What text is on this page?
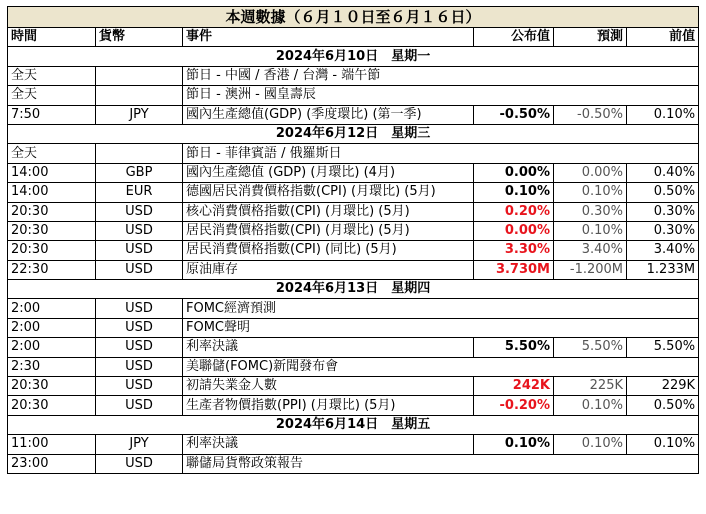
本週數據（６月１０日至６月１６日）					
時間	貨幣	事件	公布值	預測	前值
2024年6月10日　星期一					
全天		節日 - 中國 / 香港 / 台灣 - 端午節			
全天		節日 - 澳洲 - 國皇壽辰			
7:50	JPY	國內生產總值(GDP) (季度環比) (第一季)	-0.50%	-0.50%	0.10%
2024年6月12日　星期三					
全天		節日 - 菲律賓語 / 俄羅斯日			
14:00	GBP	國內生產總值 (GDP) (月環比) (4月)	0.00%	0.00%	0.40%
14:00	EUR	德國居民消費價格指數(CPI) (月環比) (5月)	0.10%	0.10%	0.50%
20:30	USD	核心消費價格指數(CPI) (月環比) (5月)	0.20%	0.30%	0.30%
20:30	USD	居民消費價格指數(CPI) (月環比) (5月)	0.00%	0.10%	0.30%
20:30	USD	居民消費價格指數(CPI) (同比) (5月)	3.30%	3.40%	3.40%
22:30	USD	原油庫存	3.730M	-1.200M	1.233M
2024年6月13日　星期四					
2:00	USD	FOMC經濟預測			
2:00	USD	FOMC聲明			
2:00	USD	利率決議	5.50%	5.50%	5.50%
2:30	USD	美聯儲(FOMC)新聞發布會			
20:30	USD	初請失業金人數	242K	225K	229K
20:30	USD	生產者物價指數(PPI) (月環比) (5月)	-0.20%	0.10%	0.50%
2024年6月14日　星期五					
11:00	JPY	利率決議	0.10%	0.10%	0.10%
23:00	USD	聯儲局貨幣政策報告			
